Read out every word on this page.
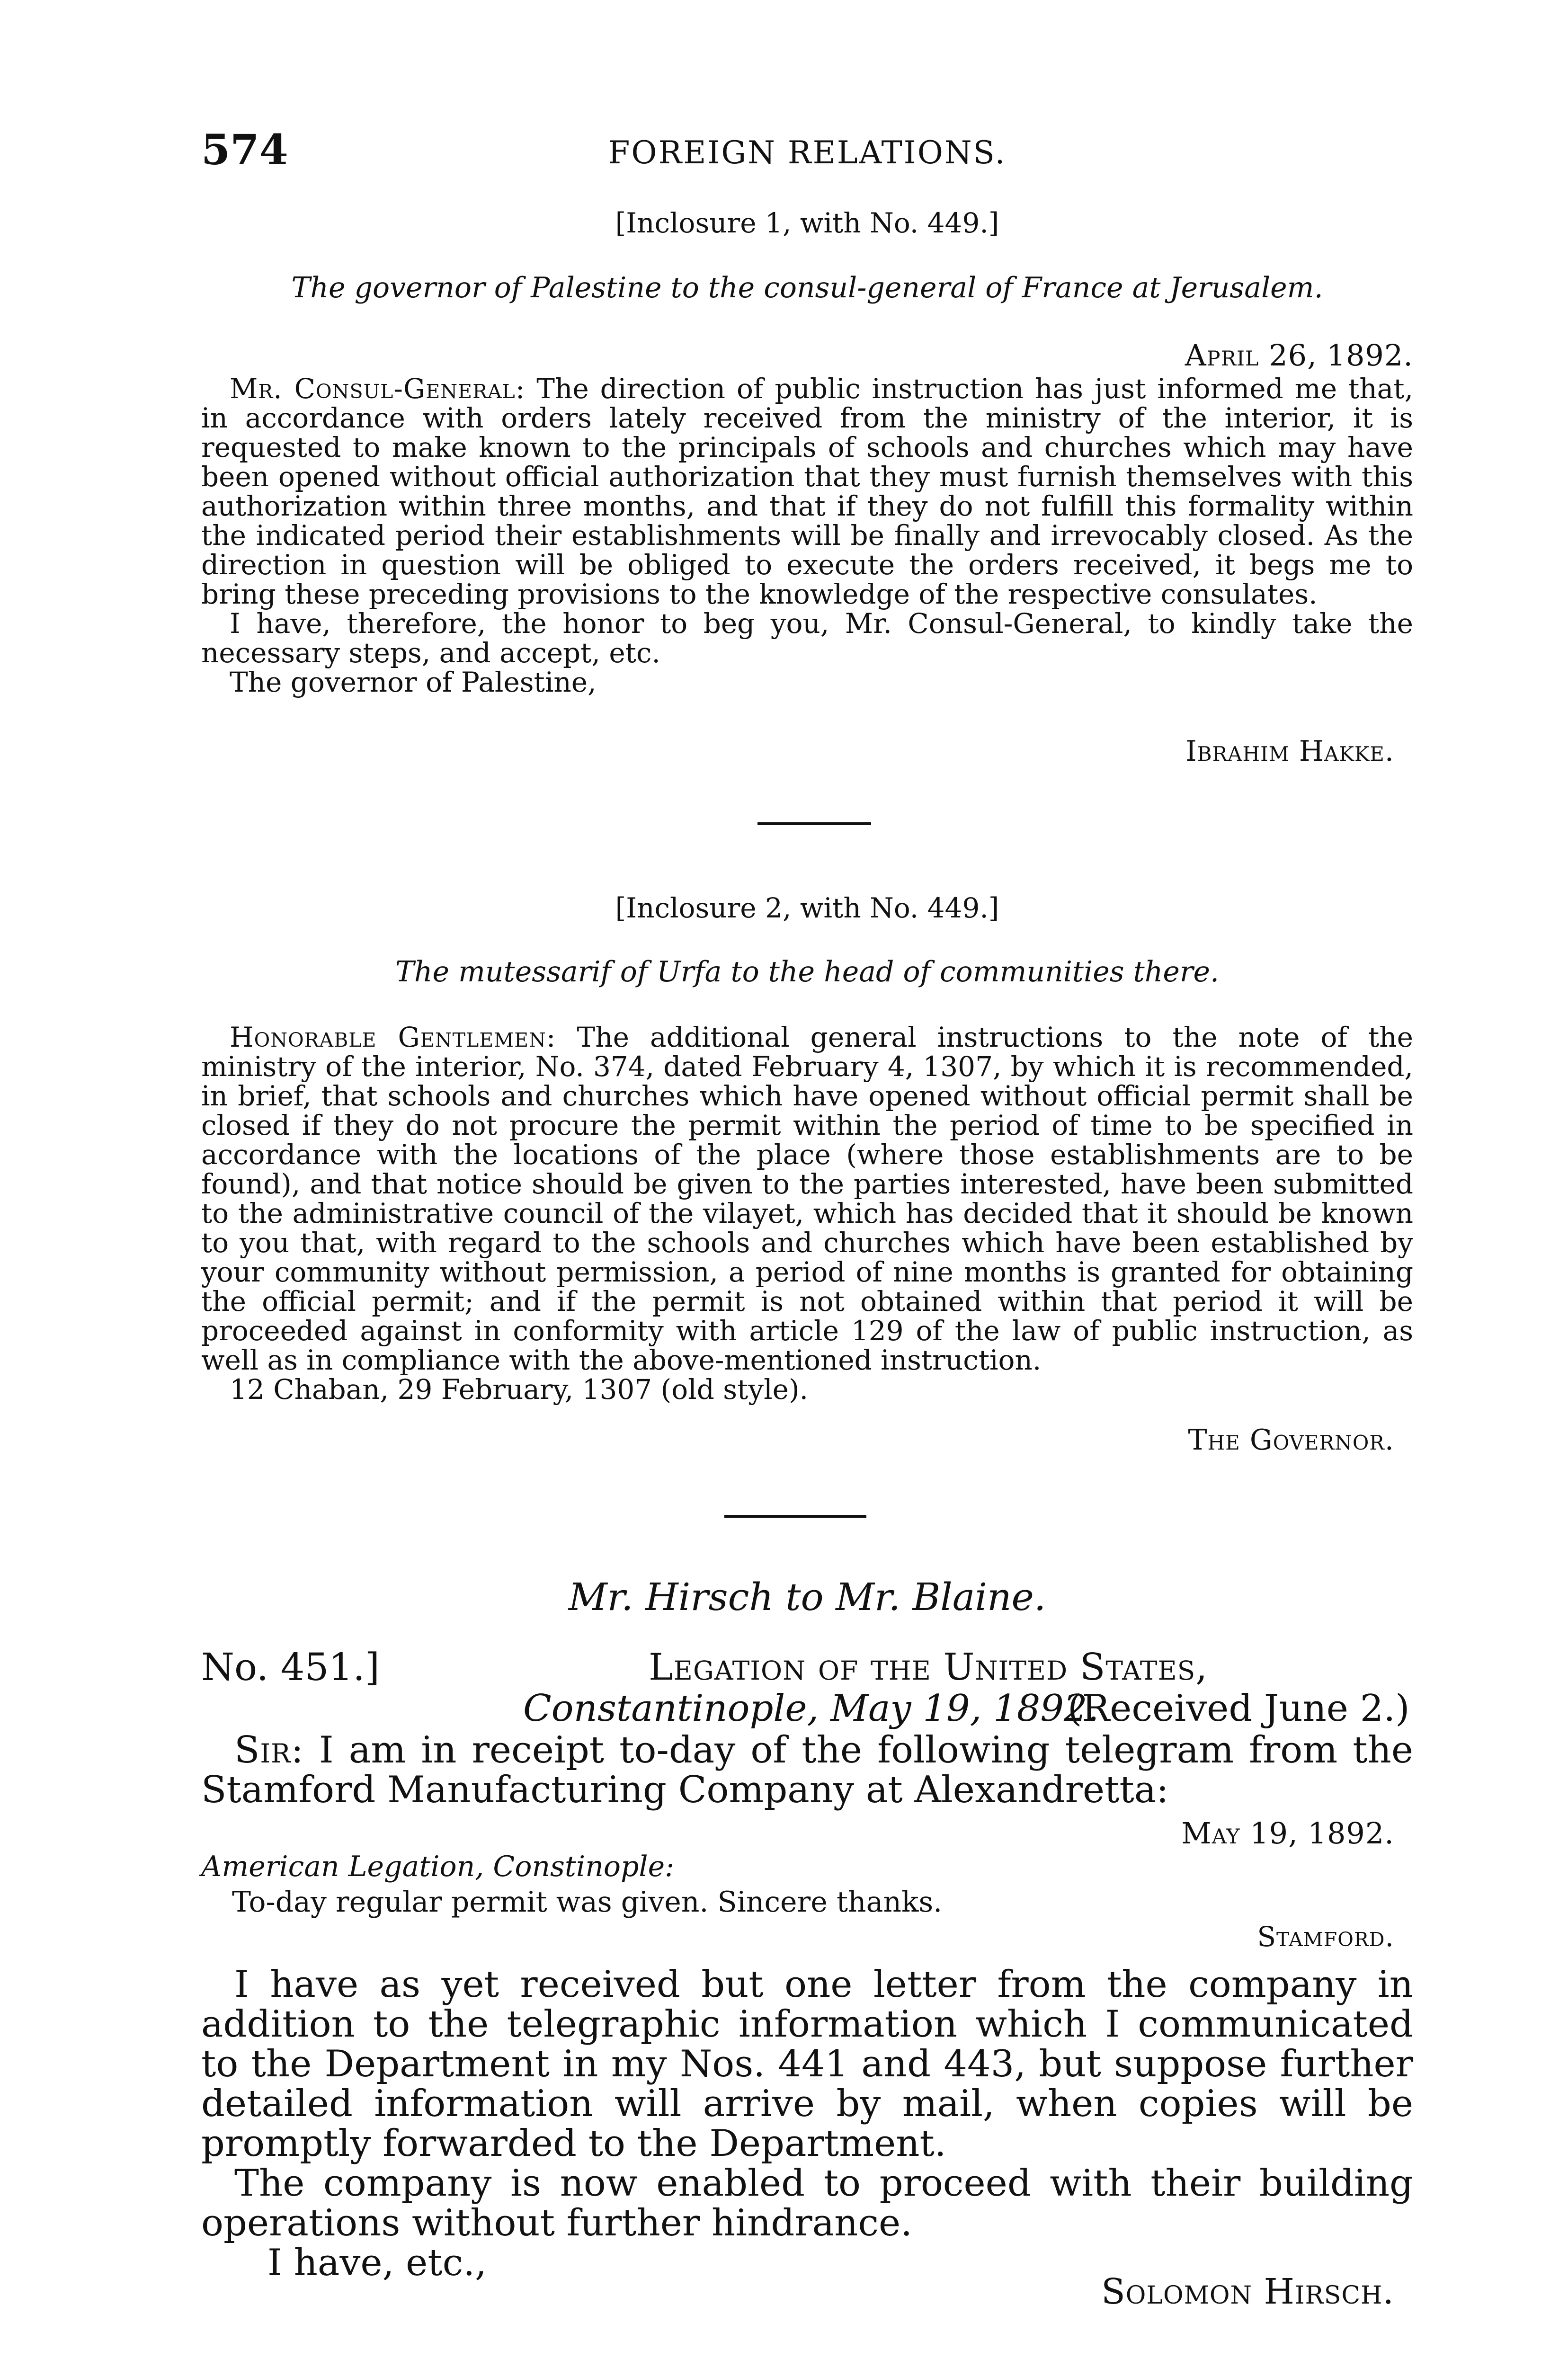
574	FOREIGN RELATIONS.
[Inclosure 1, with No. 449.]
The governor of Palestine to the consul-general of France at Jerusalem.
April 26, 1892.

Mr. Consul-General: The direction of public instruction has just informed me that, in accordance with orders lately received from the ministry of the interior, it is requested to make known to the principals of schools and churches which may have been opened without official authorization that they must furnish themselves with this authorization within three months, and that if they do not fulfill this formality within the indicated period their establishments will be finally and irrevocably closed. As the direction in question will be obliged to execute the orders received, it begs me to bring these preceding provisions to the knowledge of the respective consulates.

I have, therefore, the honor to beg you, Mr. Consul-General, to kindly take the necessary steps, and accept, etc.

The governor of Palestine,

Ibrahim Hakke.
[Inclosure 2, with No. 449.]
The mutessarif of Urfa to the head of communities there.

Honorable Gentlemen: The additional general instructions to the note of the ministry of the interior, No. 374, dated February 4, 1307, by which it is recommended, in brief, that schools and churches which have opened without official permit shall be closed if they do not procure the permit within the period of time to be specified in accordance with the locations of the place (where those establishments are to be found), and that notice should be given to the parties interested, have been submitted to the administrative council of the vilayet, which has decided that it should be known to you that, with regard to the schools and churches which have been established by your community without permission, a period of nine months is granted for obtaining the official permit; and if the permit is not obtained within that period it will be proceeded against in conformity with article 129 of the law of public instruction, as well as in compliance with the above-mentioned instruction.

12 Chaban, 29 February, 1307 (old style).

The Governor.
Mr. Hirsch to Mr. Blaine.
No. 451.]	Legation of the United States,
Constantinople, May 19, 1892.
(Received June 2.)

Sir: I am in receipt to-day of the following telegram from the Stamford Manufacturing Company at Alexandretta:

May 19, 1892.
American Legation, Constinople:
To-day regular permit was given. Sincere thanks.
Stamford.

I have as yet received but one letter from the company in addition to the telegraphic information which I communicated to the Department in my Nos. 441 and 443, but suppose further detailed information will arrive by mail, when copies will be promptly forwarded to the Department.

The company is now enabled to proceed with their building operations without further hindrance.

I have, etc.,

Solomon Hirsch.
